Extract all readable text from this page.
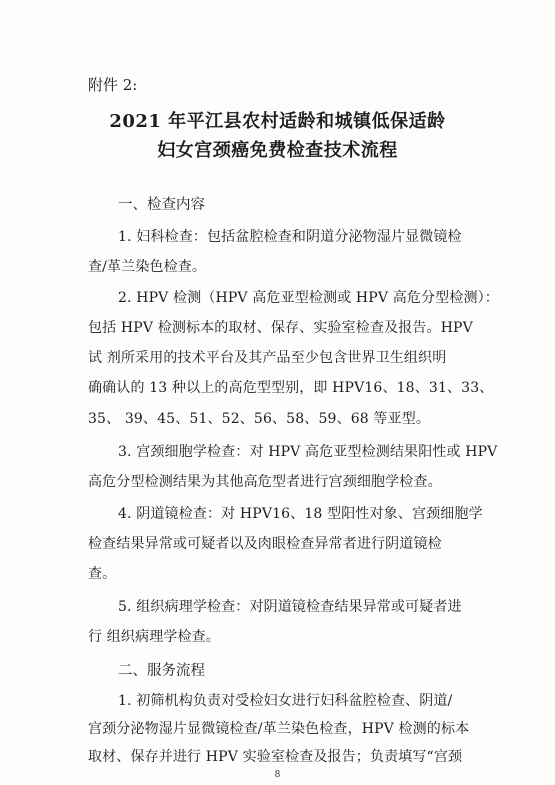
附件 2:
2021 年平江县农村适龄和城镇低保适龄
妇女宫颈癌免费检查技术流程
一、检查内容
1. 妇科检查：包括盆腔检查和阴道分泌物湿片显微镜检
查/革兰染色检查。
2. HPV 检测（HPV 高危亚型检测或 HPV 高危分型检测）：
包括 HPV 检测标本的取材、保存、实验室检查及报告。HPV
试 剂所采用的技术平台及其产品至少包含世界卫生组织明
确确认的 13 种以上的高危型型别，即 HPV16、18、31、33、
35、 39、45、51、52、56、58、59、68 等亚型。
3. 宫颈细胞学检查：对 HPV 高危亚型检测结果阳性或 HPV
高危分型检测结果为其他高危型者进行宫颈细胞学检查。
4. 阴道镜检查：对 HPV16、18 型阳性对象、宫颈细胞学
检查结果异常或可疑者以及肉眼检查异常者进行阴道镜检
查。
5. 组织病理学检查：对阴道镜检查结果异常或可疑者进
行 组织病理学检查。
二、服务流程
1. 初筛机构负责对受检妇女进行妇科盆腔检查、阴道/
宫颈分泌物湿片显微镜检查/革兰染色检查，HPV 检测的标本
取材、保存并进行 HPV 实验室检查及报告；负责填写“宫颈
8
